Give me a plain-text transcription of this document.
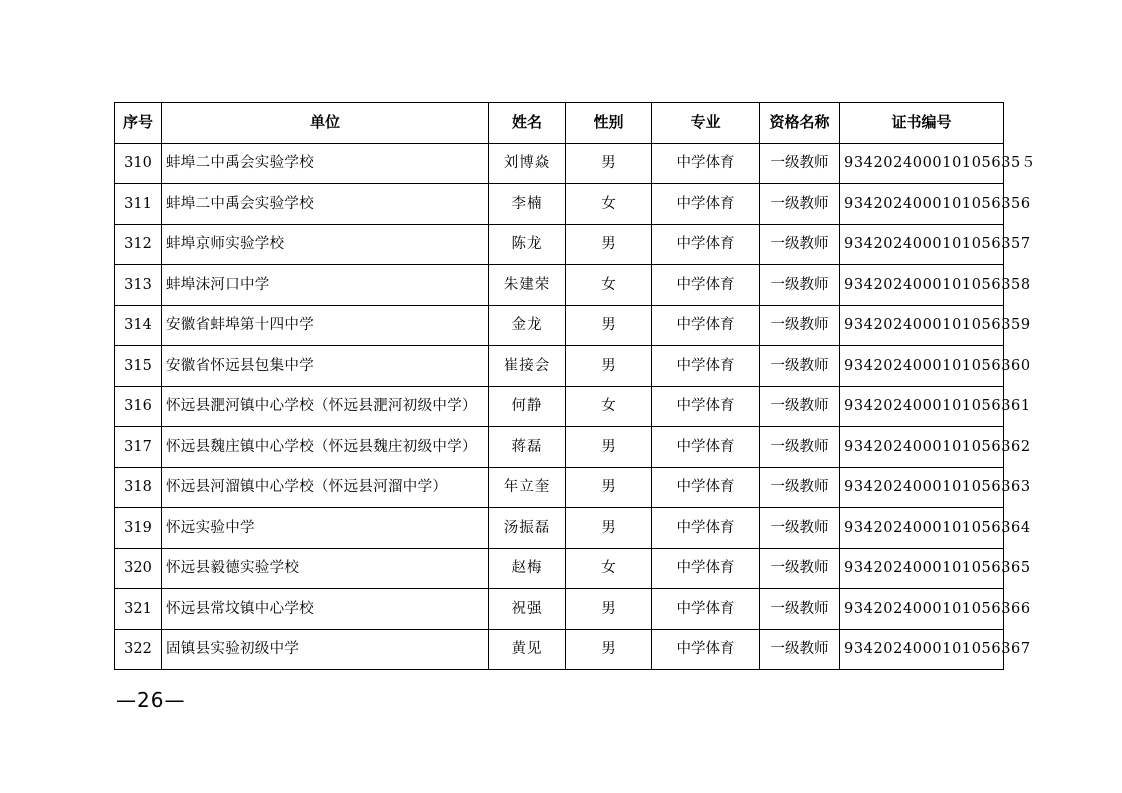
序号	单位	姓名	性别	专业	资格名称	证书编号
310	蚌埠二中禹会实验学校	刘博焱	男	中学体育	一级教师	934202400010105635５
311	蚌埠二中禹会实验学校	李楠	女	中学体育	一级教师	9342024000101056356
312	蚌埠京师实验学校	陈龙	男	中学体育	一级教师	9342024000101056357
313	蚌埠沫河口中学	朱建荣	女	中学体育	一级教师	9342024000101056358
314	安徽省蚌埠第十四中学	金龙	男	中学体育	一级教师	9342024000101056359
315	安徽省怀远县包集中学	崔接会	男	中学体育	一级教师	9342024000101056360
316	怀远县淝河镇中心学校（怀远县淝河初级中学）	何静	女	中学体育	一级教师	9342024000101056361
317	怀远县魏庄镇中心学校（怀远县魏庄初级中学）	蒋磊	男	中学体育	一级教师	9342024000101056362
318	怀远县河溜镇中心学校（怀远县河溜中学）	年立奎	男	中学体育	一级教师	9342024000101056363
319	怀远实验中学	汤振磊	男	中学体育	一级教师	9342024000101056364
320	怀远县毅德实验学校	赵梅	女	中学体育	一级教师	9342024000101056365
321	怀远县常坟镇中心学校	祝强	男	中学体育	一级教师	9342024000101056366
322	固镇县实验初级中学	黄见	男	中学体育	一级教师	9342024000101056367
—26—
